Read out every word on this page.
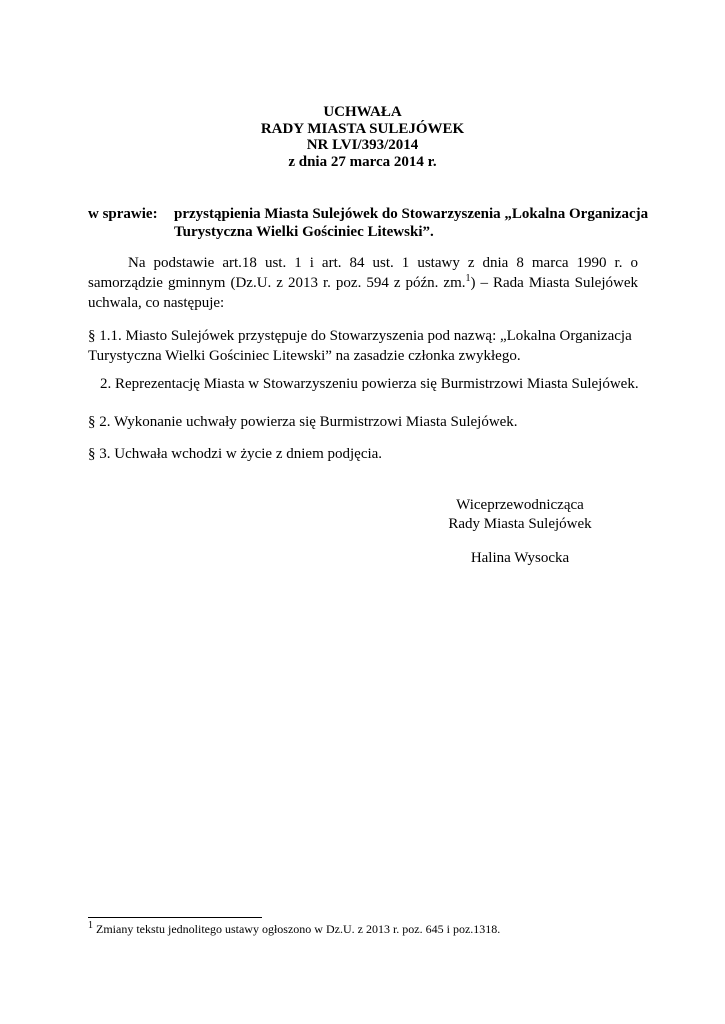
UCHWAŁA
RADY MIASTA SULEJÓWEK
NR LVI/393/2014
z dnia 27 marca 2014 r.
w sprawie: przystąpienia Miasta Sulejówek do Stowarzyszenia „Lokalna Organizacja Turystyczna Wielki Gościniec Litewski”.
Na podstawie art.18 ust. 1 i art. 84 ust. 1 ustawy z dnia 8 marca 1990 r. o samorządzie gminnym (Dz.U. z 2013 r. poz. 594 z późn. zm.$^1$) – Rada Miasta Sulejówek uchwala, co następuje:
§ 1.1. Miasto Sulejówek przystępuje do Stowarzyszenia pod nazwą: „Lokalna Organizacja Turystyczna Wielki Gościniec Litewski” na zasadzie członka zwykłego.
2. Reprezentację Miasta w Stowarzyszeniu powierza się Burmistrzowi Miasta Sulejówek.
§ 2. Wykonanie uchwały powierza się Burmistrzowi Miasta Sulejówek.
§ 3. Uchwała wchodzi w życie z dniem podjęcia.
Wiceprzewodnicząca
Rady Miasta Sulejówek
Halina Wysocka
$^1$ Zmiany tekstu jednolitego ustawy ogłoszono w Dz.U. z 2013 r. poz. 645 i poz.1318.
